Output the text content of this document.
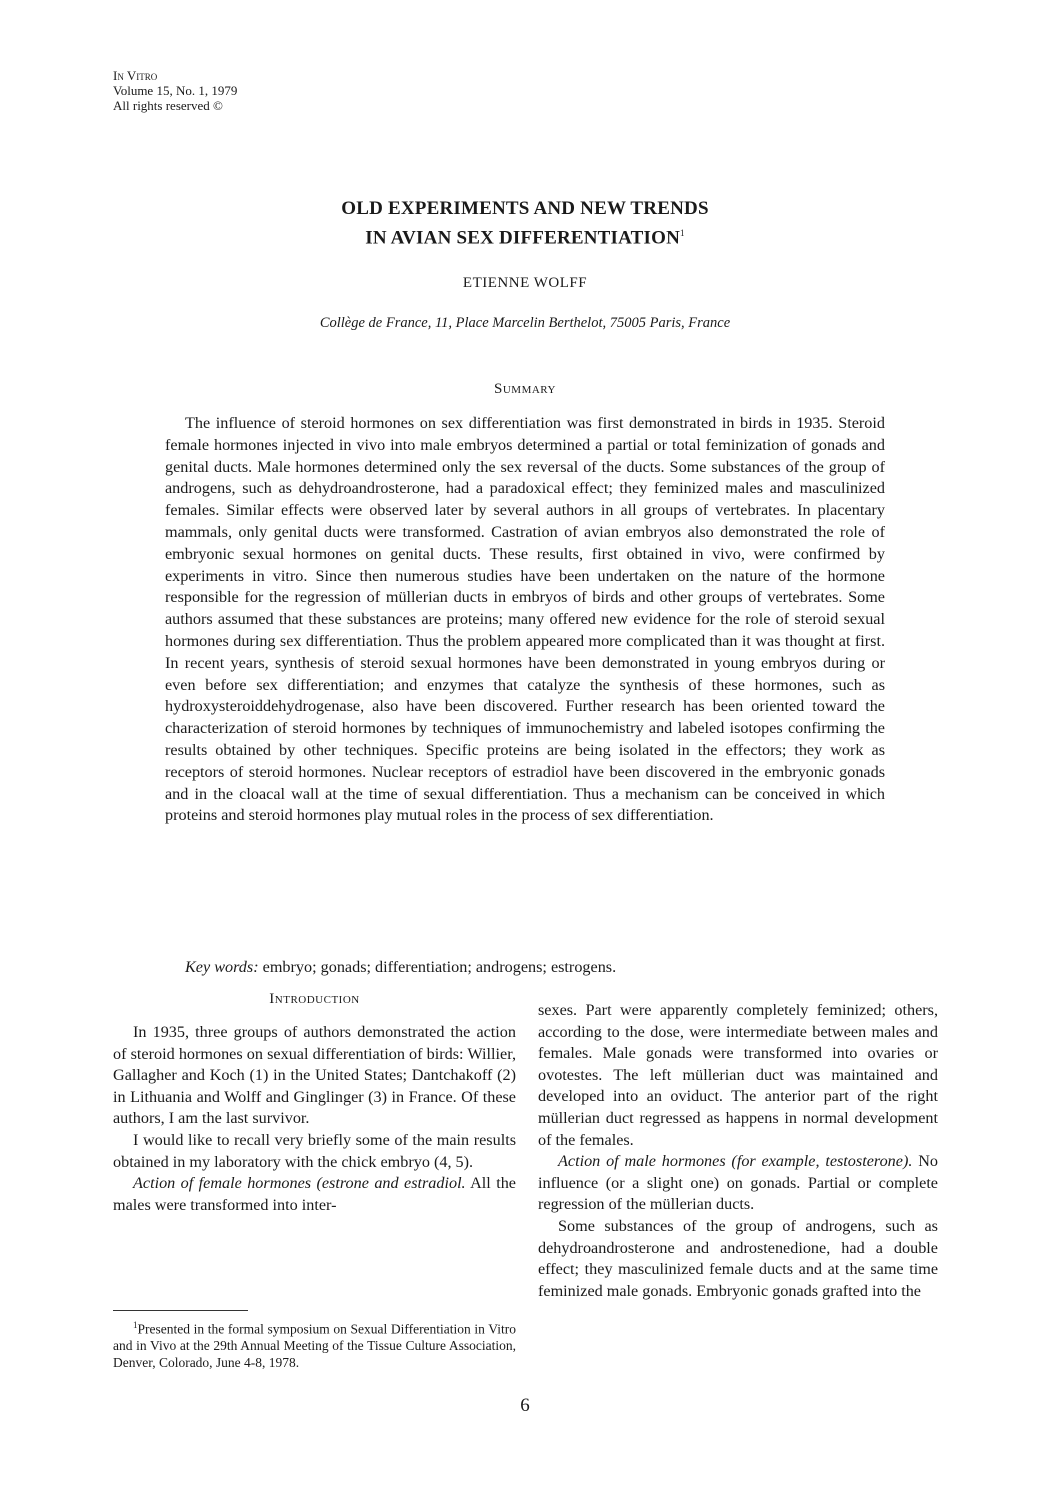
In Vitro
Volume 15, No. 1, 1979
All rights reserved ©
OLD EXPERIMENTS AND NEW TRENDS
IN AVIAN SEX DIFFERENTIATION$^1$
ETIENNE WOLFF
Collège de France, 11, Place Marcelin Berthelot, 75005 Paris, France
Summary

The influence of steroid hormones on sex differentiation was first demonstrated in birds in 1935. Steroid female hormones injected in vivo into male embryos determined a partial or total feminization of gonads and genital ducts. Male hormones determined only the sex reversal of the ducts. Some substances of the group of androgens, such as dehydroandrosterone, had a paradoxical effect; they feminized males and masculinized females. Similar effects were observed later by several authors in all groups of vertebrates. In placentary mammals, only genital ducts were transformed. Castration of avian embryos also demonstrated the role of embryonic sexual hormones on genital ducts. These results, first obtained in vivo, were confirmed by experiments in vitro. Since then numerous studies have been undertaken on the nature of the hormone responsible for the regression of müllerian ducts in embryos of birds and other groups of vertebrates. Some authors assumed that these substances are proteins; many offered new evidence for the role of steroid sexual hormones during sex differentiation. Thus the problem appeared more complicated than it was thought at first. In recent years, synthesis of steroid sexual hormones have been demonstrated in young embryos during or even before sex differentiation; and enzymes that catalyze the synthesis of these hormones, such as hydroxysteroiddehydrogenase, also have been discovered. Further research has been oriented toward the characterization of steroid hormones by techniques of immunochemistry and labeled isotopes confirming the results obtained by other techniques. Specific proteins are being isolated in the effectors; they work as receptors of steroid hormones. Nuclear receptors of estradiol have been discovered in the embryonic gonads and in the cloacal wall at the time of sexual differentiation. Thus a mechanism can be conceived in which proteins and steroid hormones play mutual roles in the process of sex differentiation.

Key words: embryo; gonads; differentiation; androgens; estrogens.
Introduction

In 1935, three groups of authors demonstrated the action of steroid hormones on sexual differentiation of birds: Willier, Gallagher and Koch (1) in the United States; Dantchakoff (2) in Lithuania and Wolff and Ginglinger (3) in France. Of these authors, I am the last survivor.

I would like to recall very briefly some of the main results obtained in my laboratory with the chick embryo (4, 5).

Action of female hormones (estrone and estradiol. All the males were transformed into inter-

sexes. Part were apparently completely feminized; others, according to the dose, were intermediate between males and females. Male gonads were transformed into ovaries or ovotestes. The left müllerian duct was maintained and developed into an oviduct. The anterior part of the right müllerian duct regressed as happens in normal development of the females.

Action of male hormones (for example, testosterone). No influence (or a slight one) on gonads. Partial or complete regression of the müllerian ducts.

Some substances of the group of androgens, such as dehydroandrosterone and androstenedione, had a double effect; they masculinized female ducts and at the same time feminized male gonads. Embryonic gonads grafted into the

$^1$Presented in the formal symposium on Sexual Differentiation in Vitro and in Vivo at the 29th Annual Meeting of the Tissue Culture Association, Denver, Colorado, June 4-8, 1978.

6
